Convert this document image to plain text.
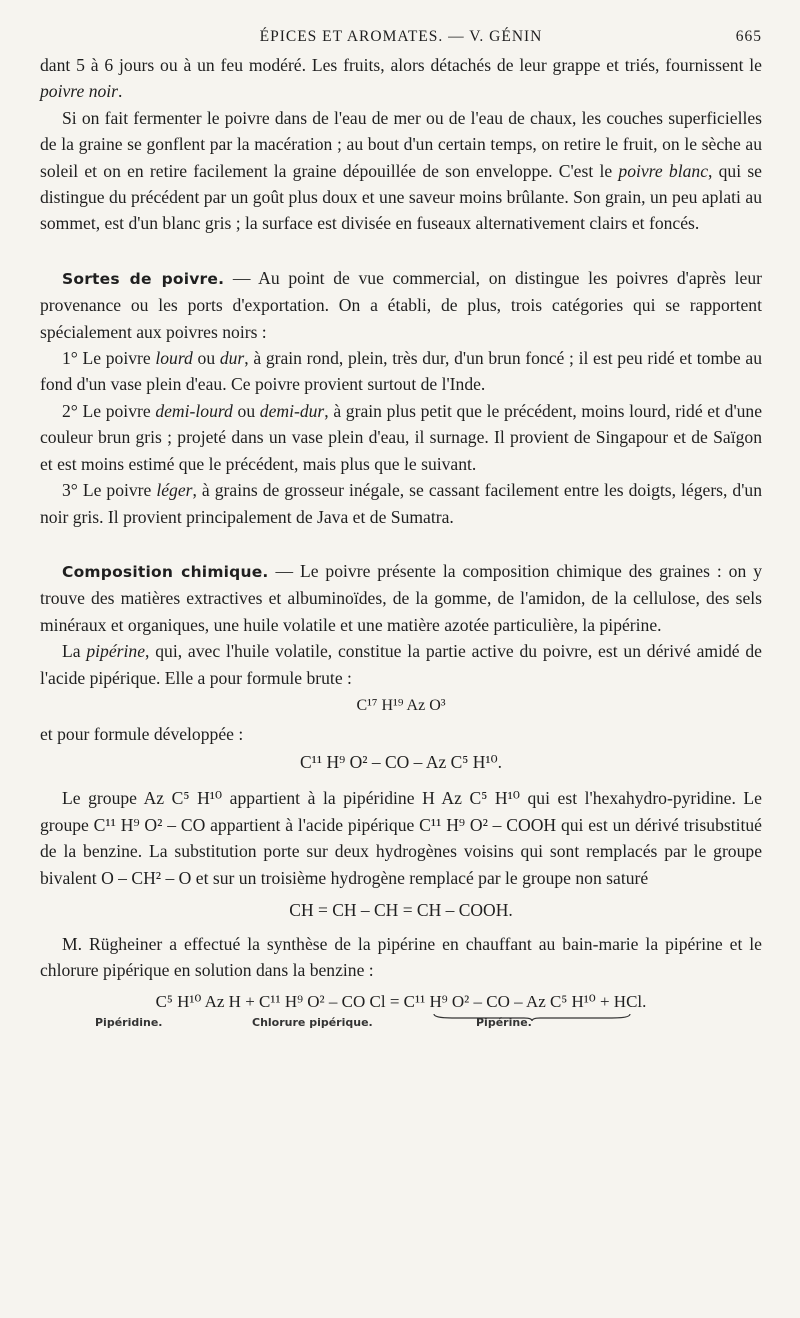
ÉPICES ET AROMATES. — V. GÉNIN	665

dant 5 à 6 jours ou à un feu modéré. Les fruits, alors détachés de leur grappe et triés, fournissent le poivre noir.

Si on fait fermenter le poivre dans de l'eau de mer ou de l'eau de chaux, les couches superficielles de la graine se gonflent par la macération ; au bout d'un certain temps, on retire le fruit, on le sèche au soleil et on en retire facilement la graine dépouillée de son enveloppe. C'est le poivre blanc, qui se distingue du précédent par un goût plus doux et une saveur moins brûlante. Son grain, un peu aplati au sommet, est d'un blanc gris ; la surface est divisée en fuseaux alternativement clairs et foncés.

Sortes de poivre. — Au point de vue commercial, on distingue les poivres d'après leur provenance ou les ports d'exportation. On a établi, de plus, trois catégories qui se rapportent spécialement aux poivres noirs :

1° Le poivre lourd ou dur, à grain rond, plein, très dur, d'un brun foncé ; il est peu ridé et tombe au fond d'un vase plein d'eau. Ce poivre provient surtout de l'Inde.

2° Le poivre demi-lourd ou demi-dur, à grain plus petit que le précédent, moins lourd, ridé et d'une couleur brun gris ; projeté dans un vase plein d'eau, il surnage. Il provient de Singapour et de Saïgon et est moins estimé que le précédent, mais plus que le suivant.

3° Le poivre léger, à grains de grosseur inégale, se cassant facilement entre les doigts, légers, d'un noir gris. Il provient principalement de Java et de Sumatra.

Composition chimique. — Le poivre présente la composition chimique des graines : on y trouve des matières extractives et albuminoïdes, de la gomme, de l'amidon, de la cellulose, des sels minéraux et organiques, une huile volatile et une matière azotée particulière, la pipérine.

La pipérine, qui, avec l'huile volatile, constitue la partie active du poivre, est un dérivé amidé de l'acide pipérique. Elle a pour formule brute :

C¹⁷ H¹⁹ Az O³

et pour formule développée :

C¹¹ H⁹ O² – CO – Az C⁵ H¹⁰.

Le groupe Az C⁵ H¹⁰ appartient à la pipéridine H Az C⁵ H¹⁰ qui est l'hexahydro-pyridine. Le groupe C¹¹ H⁹ O² – CO appartient à l'acide pipérique C¹¹ H⁹ O² – COOH qui est un dérivé trisubstitué de la benzine. La substitution porte sur deux hydrogènes voisins qui sont remplacés par le groupe bivalent O – CH² – O et sur un troisième hydrogène remplacé par le groupe non saturé

CH = CH – CH = CH – COOH.

M. Rügheiner a effectué la synthèse de la pipérine en chauffant au bain-marie la pipérine et le chlorure pipérique en solution dans la benzine :

C⁵ H¹⁰ Az H + C¹¹ H⁹ O² – CO Cl = C¹¹ H⁹ O² – CO – Az C⁵ H¹⁰ + HCl.
Pipéridine.	Chlorure pipérique.	Pipérine.
